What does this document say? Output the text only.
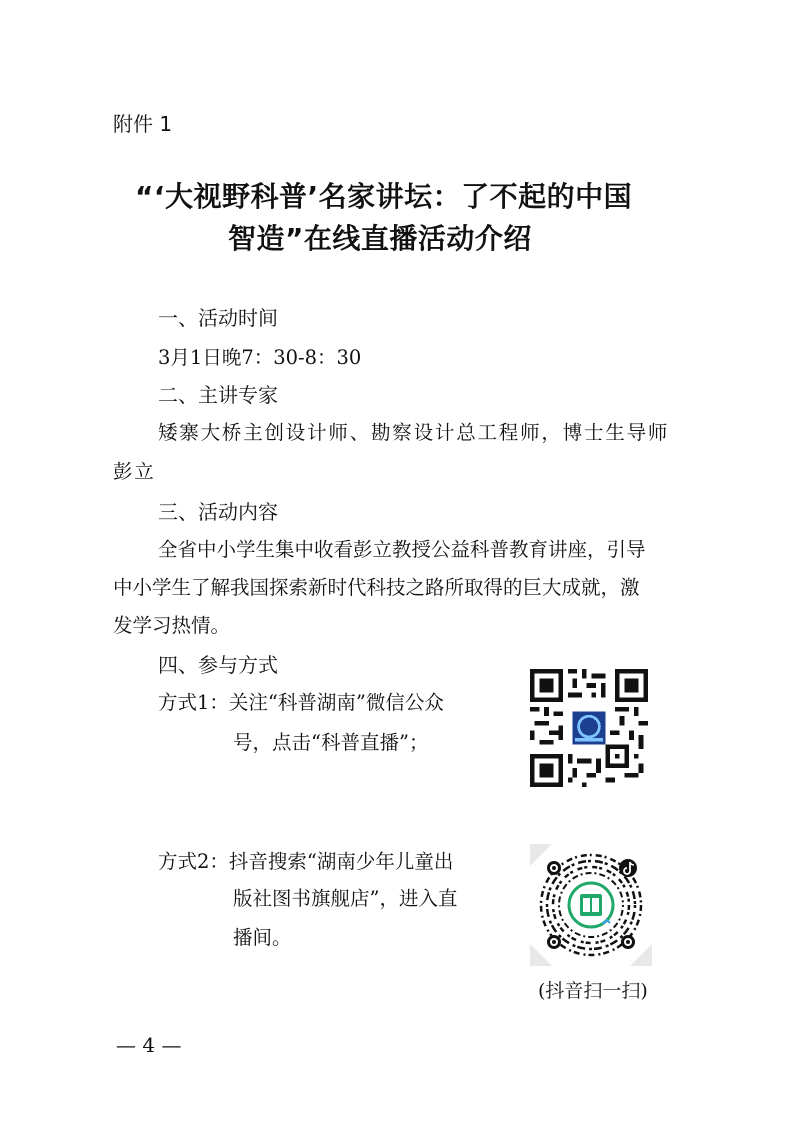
附件 1
“‘大视野科普’名家讲坛：了不起的中国
智造”在线直播活动介绍
一、活动时间
3月1日晚7：30-8：30
二、主讲专家
矮寨大桥主创设计师、勘察设计总工程师，博士生导师
彭立
三、活动内容
全省中小学生集中收看彭立教授公益科普教育讲座，引导
中小学生了解我国探索新时代科技之路所取得的巨大成就，激
发学习热情。
四、参与方式
方式1：关注“科普湖南”微信公众
号，点击“科普直播”；
方式2：抖音搜索“湖南少年儿童出
版社图书旗舰店”，进入直
播间。
(抖音扫一扫)
— 4 —
